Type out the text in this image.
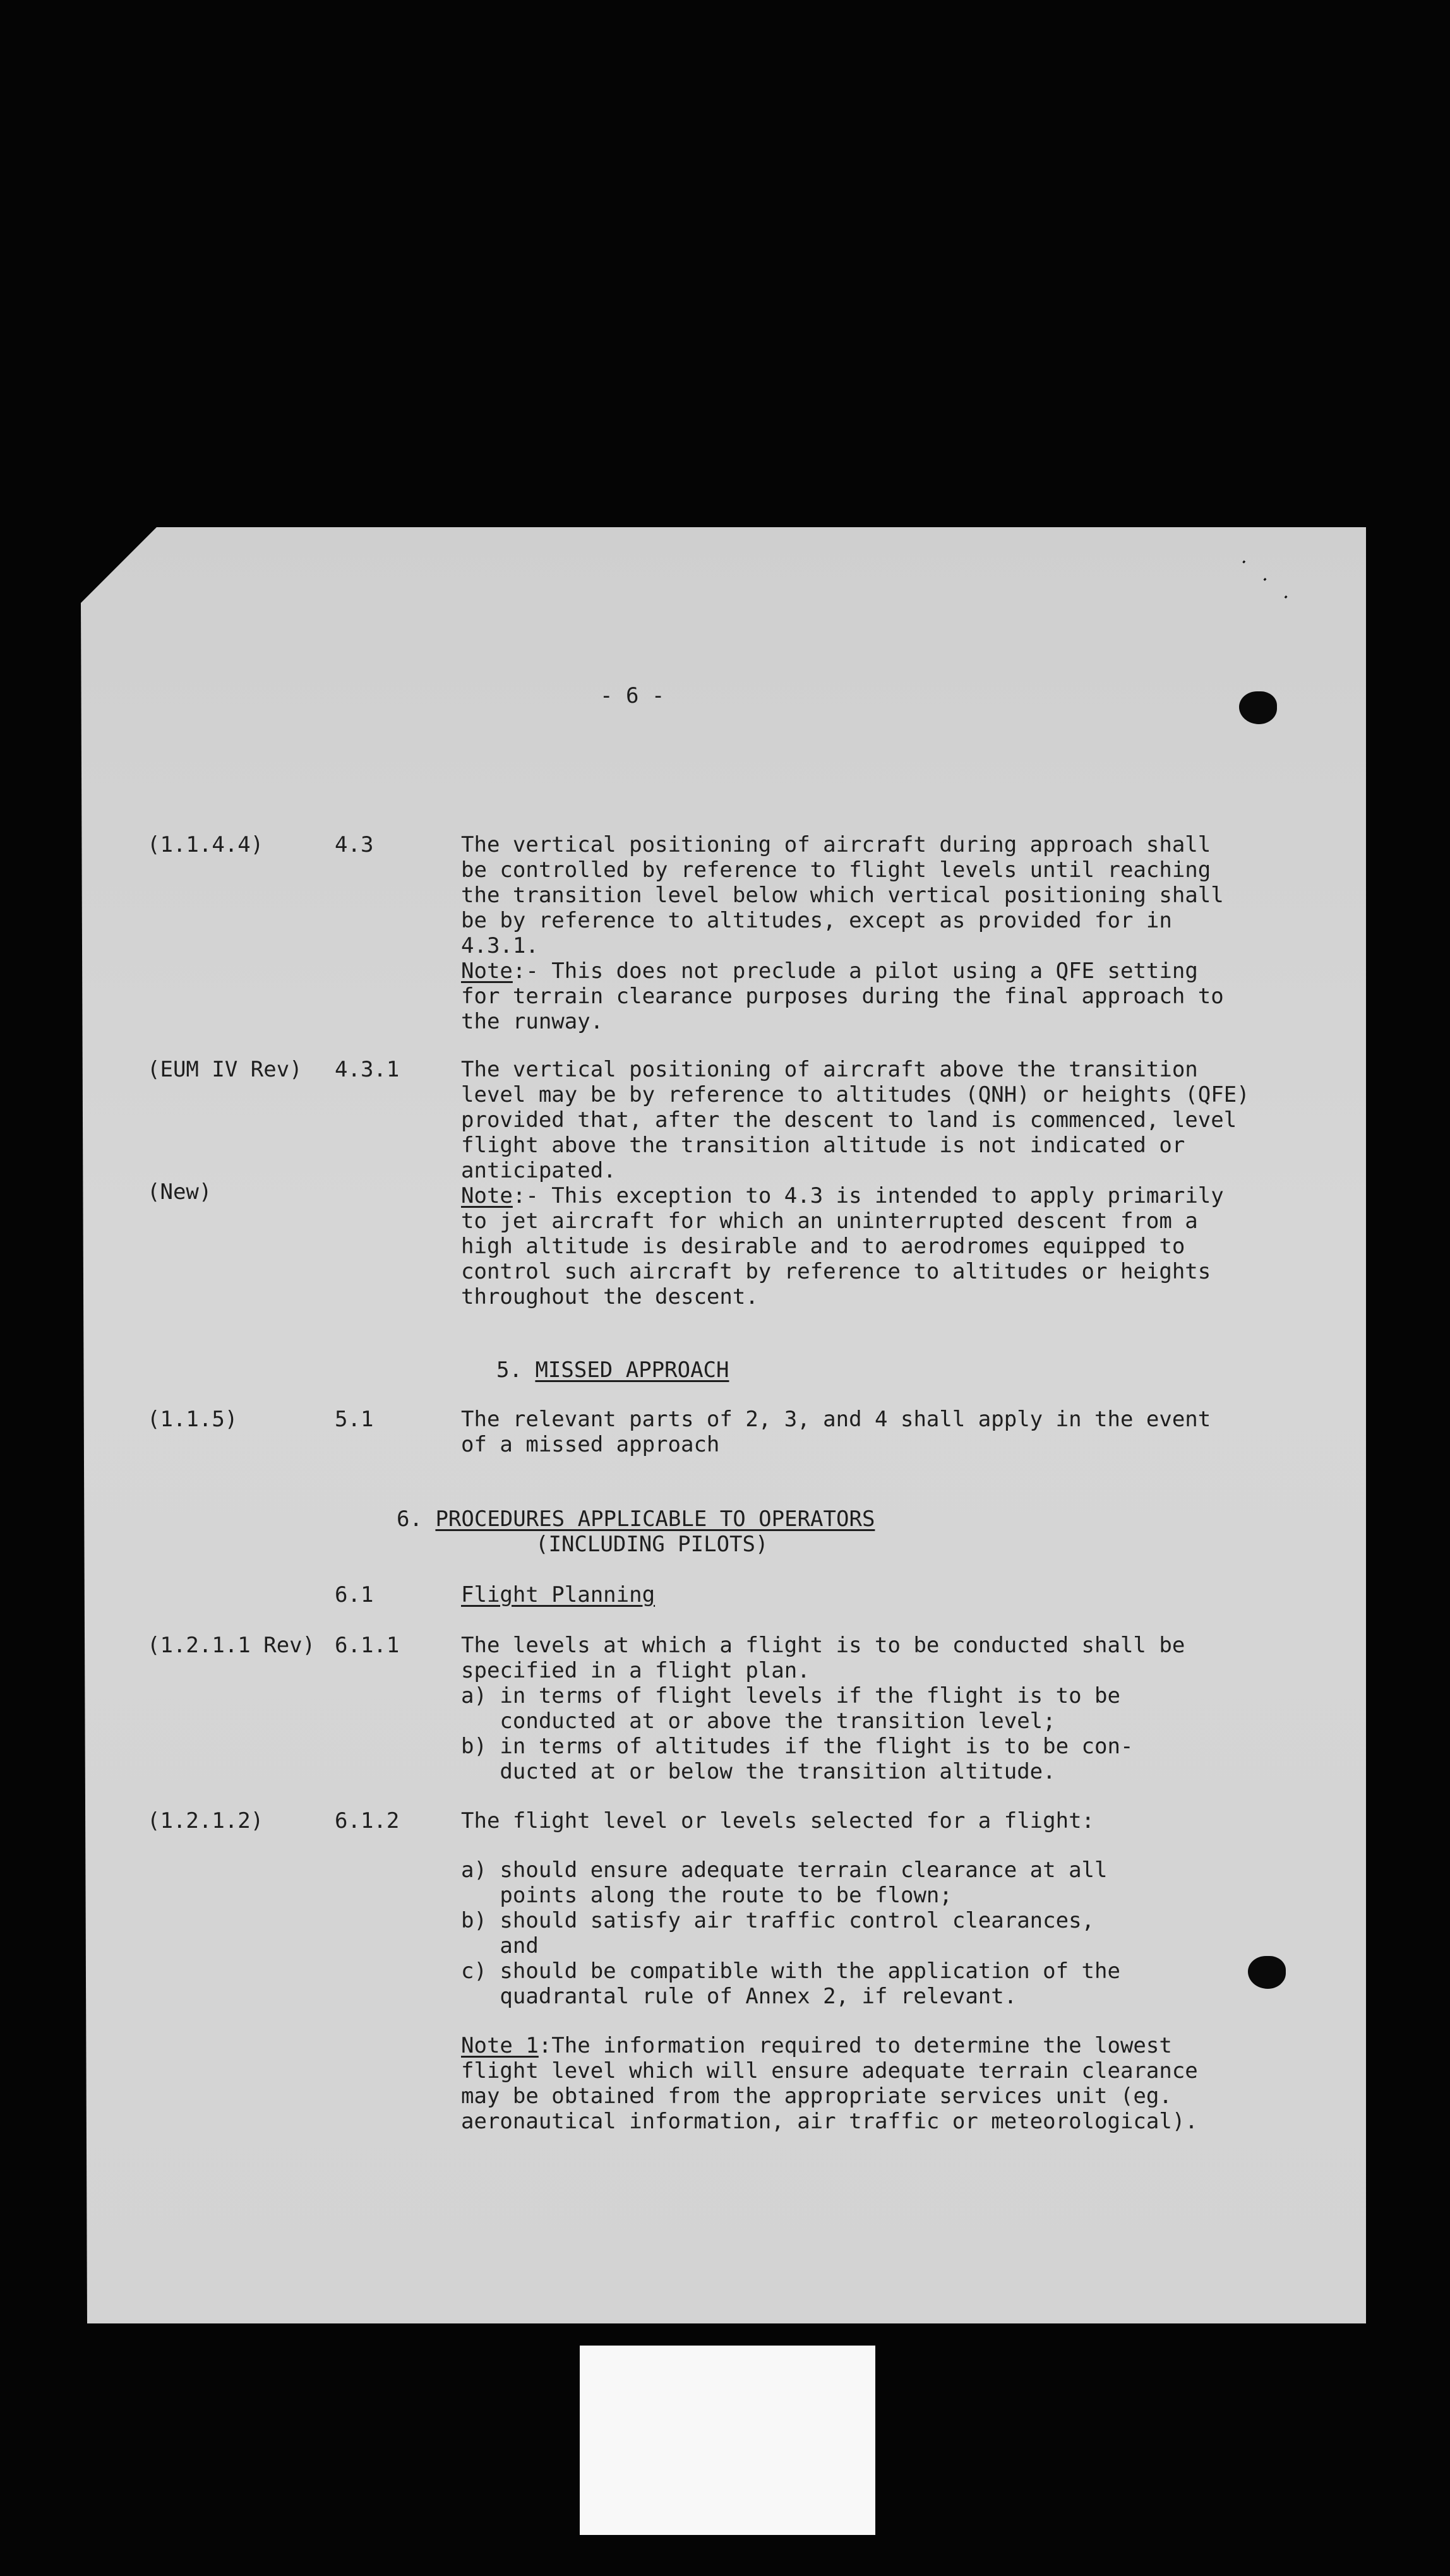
. . .
- 6 -
(1.1.4.4)	4.3	The vertical positioning of aircraft during approach shall
be controlled by reference to flight levels until reaching
the transition level below which vertical positioning shall
be by reference to altitudes, except as provided for in
4.3.1.
Note:- This does not preclude a pilot using a QFE setting
for terrain clearance purposes during the final approach to
the runway.
(EUM IV Rev) 4.3.1	The vertical positioning of aircraft above the transition
level may be by reference to altitudes (QNH) or heights (QFE)
provided that, after the descent to land is commenced, level
flight above the transition altitude is not indicated or
anticipated.
(New)	Note:- This exception to 4.3 is intended to apply primarily
to jet aircraft for which an uninterrupted descent from a
high altitude is desirable and to aerodromes equipped to
control such aircraft by reference to altitudes or heights
throughout the descent.
5. MISSED APPROACH
(1.1.5)	5.1	The relevant parts of 2, 3, and 4 shall apply in the event
of a missed approach
6. PROCEDURES APPLICABLE TO OPERATORS
(INCLUDING PILOTS)
6.1	Flight Planning
(1.2.1.1 Rev) 6.1.1	The levels at which a flight is to be conducted shall be
specified in a flight plan.
a) in terms of flight levels if the flight is to be
conducted at or above the transition level;
b) in terms of altitudes if the flight is to be con-
ducted at or below the transition altitude.
(1.2.1.2)	6.1.2	The flight level or levels selected for a flight:
a) should ensure adequate terrain clearance at all
points along the route to be flown;
b) should satisfy air traffic control clearances,
and
c) should be compatible with the application of the
quadrantal rule of Annex 2, if relevant.
Note 1:The information required to determine the lowest
flight level which will ensure adequate terrain clearance
may be obtained from the appropriate services unit (eg.
aeronautical information, air traffic or meteorological).
